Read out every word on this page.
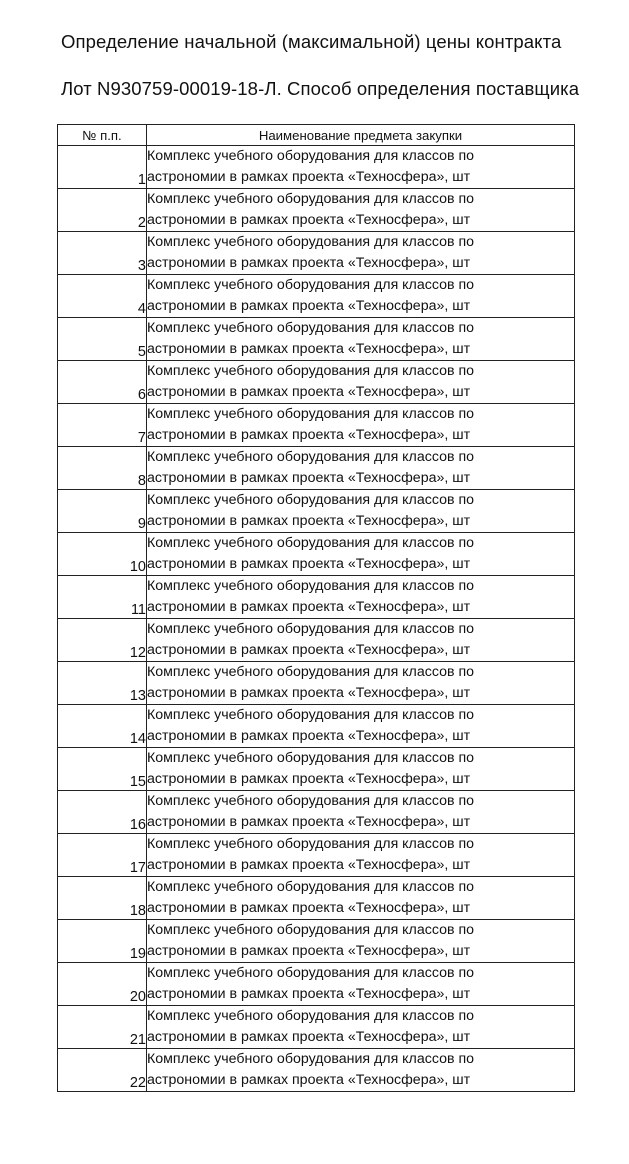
Определение начальной (максимальной) цены контракта
Лот N930759-00019-18-Л. Способ определения поставщика
№ п.п.	Наименование предмета закупки
1	Комплекс учебного оборудования для классов по
астрономии в рамках проекта «Техносфера», шт
2	Комплекс учебного оборудования для классов по
астрономии в рамках проекта «Техносфера», шт
3	Комплекс учебного оборудования для классов по
астрономии в рамках проекта «Техносфера», шт
4	Комплекс учебного оборудования для классов по
астрономии в рамках проекта «Техносфера», шт
5	Комплекс учебного оборудования для классов по
астрономии в рамках проекта «Техносфера», шт
6	Комплекс учебного оборудования для классов по
астрономии в рамках проекта «Техносфера», шт
7	Комплекс учебного оборудования для классов по
астрономии в рамках проекта «Техносфера», шт
8	Комплекс учебного оборудования для классов по
астрономии в рамках проекта «Техносфера», шт
9	Комплекс учебного оборудования для классов по
астрономии в рамках проекта «Техносфера», шт
10	Комплекс учебного оборудования для классов по
астрономии в рамках проекта «Техносфера», шт
11	Комплекс учебного оборудования для классов по
астрономии в рамках проекта «Техносфера», шт
12	Комплекс учебного оборудования для классов по
астрономии в рамках проекта «Техносфера», шт
13	Комплекс учебного оборудования для классов по
астрономии в рамках проекта «Техносфера», шт
14	Комплекс учебного оборудования для классов по
астрономии в рамках проекта «Техносфера», шт
15	Комплекс учебного оборудования для классов по
астрономии в рамках проекта «Техносфера», шт
16	Комплекс учебного оборудования для классов по
астрономии в рамках проекта «Техносфера», шт
17	Комплекс учебного оборудования для классов по
астрономии в рамках проекта «Техносфера», шт
18	Комплекс учебного оборудования для классов по
астрономии в рамках проекта «Техносфера», шт
19	Комплекс учебного оборудования для классов по
астрономии в рамках проекта «Техносфера», шт
20	Комплекс учебного оборудования для классов по
астрономии в рамках проекта «Техносфера», шт
21	Комплекс учебного оборудования для классов по
астрономии в рамках проекта «Техносфера», шт
22	Комплекс учебного оборудования для классов по
астрономии в рамках проекта «Техносфера», шт
